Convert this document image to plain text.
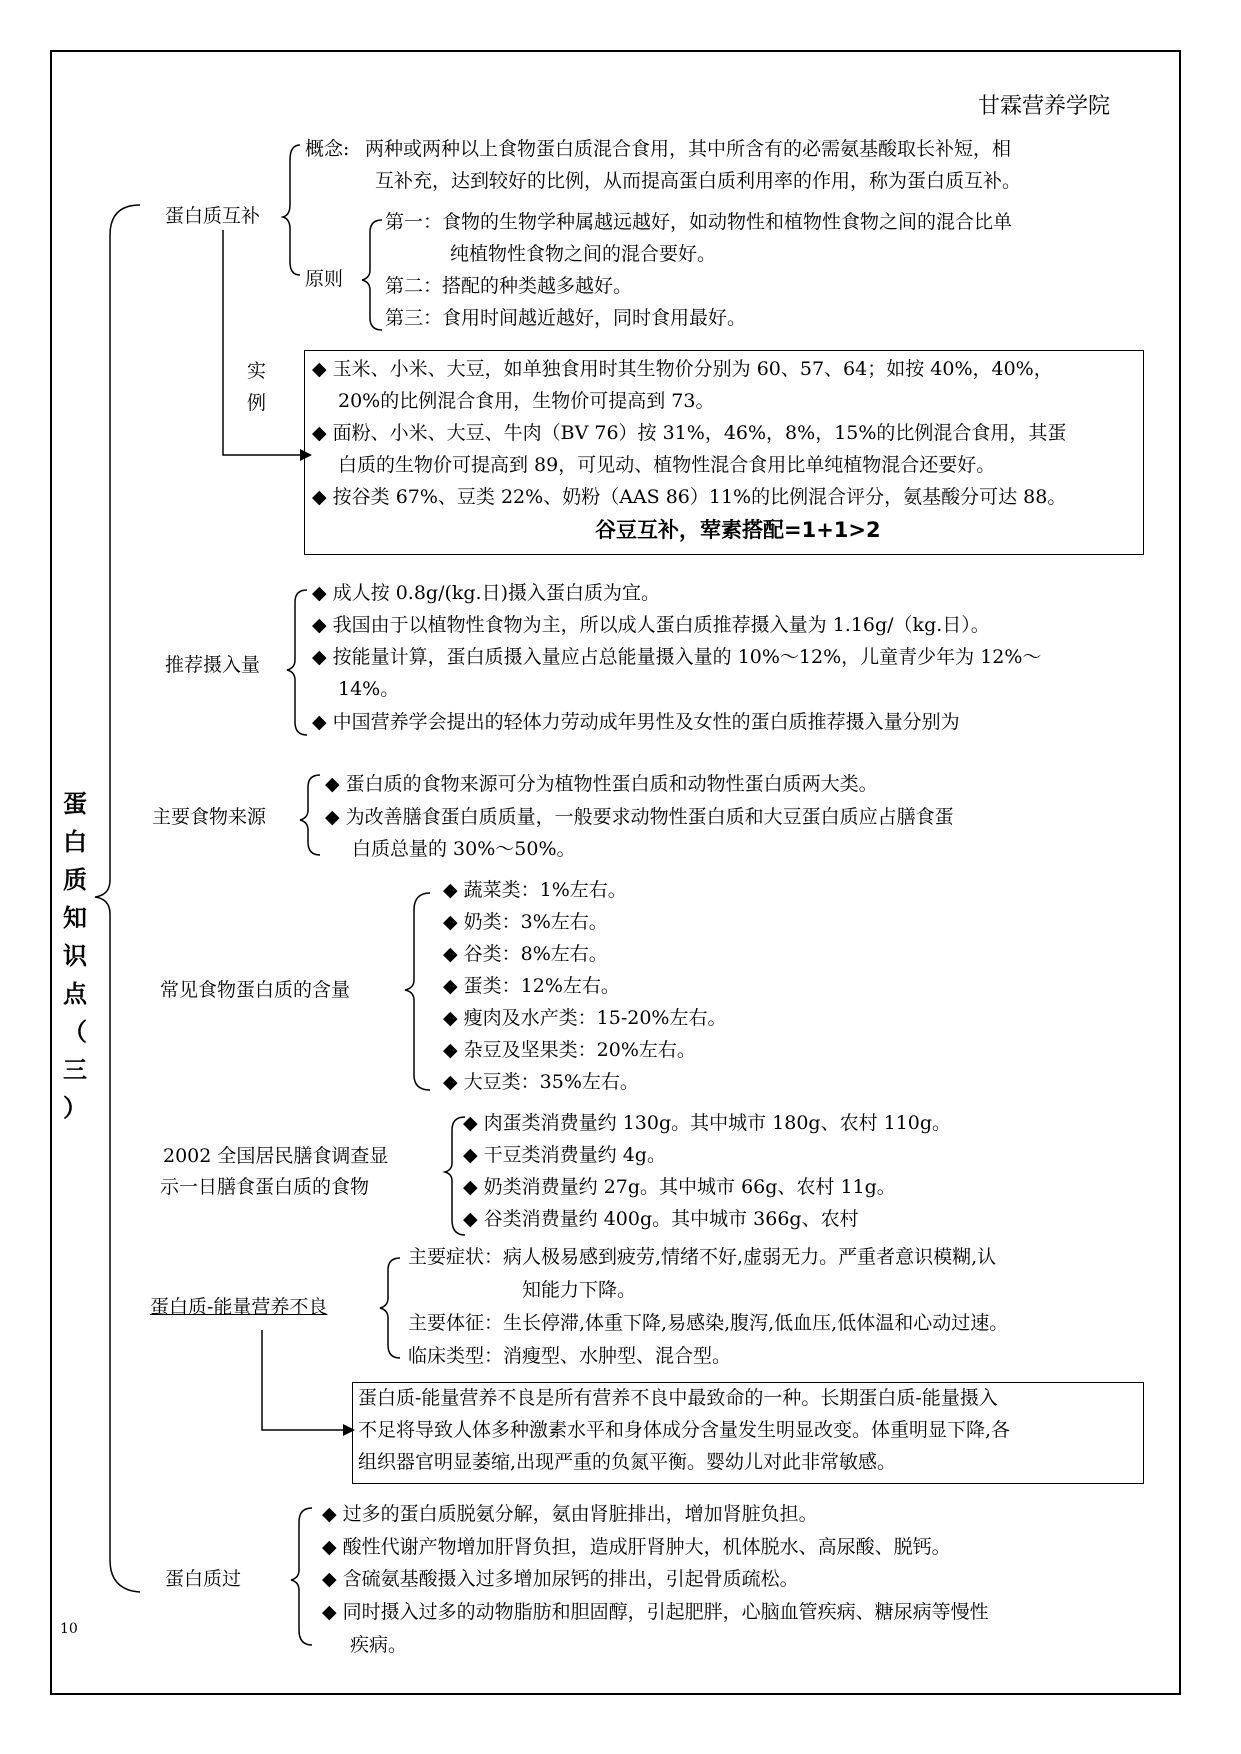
甘霖营养学院
蛋
白
质
知
识
点
（
三
）
10
蛋白质互补
概念: 两种或两种以上食物蛋白质混合食用，其中所含有的必需氨基酸取长补短，相
互补充，达到较好的比例，从而提高蛋白质利用率的作用，称为蛋白质互补。
原则
第一：食物的生物学种属越远越好，如动物性和植物性食物之间的混合比单
纯植物性食物之间的混合要好。
第二：搭配的种类越多越好。
第三：食用时间越近越好，同时食用最好。
实
例
◆ 玉米、小米、大豆，如单独食用时其生物价分别为 60、57、64；如按 40%，40%，
20%的比例混合食用，生物价可提高到 73。
◆ 面粉、小米、大豆、牛肉（BV 76）按 31%，46%，8%，15%的比例混合食用，其蛋
白质的生物价可提高到 89，可见动、植物性混合食用比单纯植物混合还要好。
◆ 按谷类 67%、豆类 22%、奶粉（AAS 86）11%的比例混合评分，氨基酸分可达 88。
谷豆互补，荤素搭配=1+1>2
推荐摄入量
◆ 成人按 0.8g/(kg.日)摄入蛋白质为宜。
◆ 我国由于以植物性食物为主，所以成人蛋白质推荐摄入量为 1.16g/（kg.日）。
◆ 按能量计算，蛋白质摄入量应占总能量摄入量的 10%～12%，儿童青少年为 12%～
14%。
◆ 中国营养学会提出的轻体力劳动成年男性及女性的蛋白质推荐摄入量分别为
主要食物来源
◆ 蛋白质的食物来源可分为植物性蛋白质和动物性蛋白质两大类。
◆ 为改善膳食蛋白质质量，一般要求动物性蛋白质和大豆蛋白质应占膳食蛋
白质总量的 30%～50%。
常见食物蛋白质的含量
◆ 蔬菜类：1%左右。
◆ 奶类：3%左右。
◆ 谷类：8%左右。
◆ 蛋类：12%左右。
◆ 瘦肉及水产类：15-20%左右。
◆ 杂豆及坚果类：20%左右。
◆ 大豆类：35%左右。
2002 全国居民膳食调查显
示一日膳食蛋白质的食物
◆ 肉蛋类消费量约 130g。其中城市 180g、农村 110g。
◆ 干豆类消费量约 4g。
◆ 奶类消费量约 27g。其中城市 66g、农村 11g。
◆ 谷类消费量约 400g。其中城市 366g、农村
蛋白质-能量营养不良
主要症状：病人极易感到疲劳,情绪不好,虚弱无力。严重者意识模糊,认
知能力下降。
主要体征：生长停滞,体重下降,易感染,腹泻,低血压,低体温和心动过速。
临床类型：消瘦型、水肿型、混合型。
蛋白质-能量营养不良是所有营养不良中最致命的一种。长期蛋白质-能量摄入
不足将导致人体多种激素水平和身体成分含量发生明显改变。体重明显下降,各
组织器官明显萎缩,出现严重的负氮平衡。婴幼儿对此非常敏感。
蛋白质过
◆ 过多的蛋白质脱氨分解，氨由肾脏排出，增加肾脏负担。
◆ 酸性代谢产物增加肝肾负担，造成肝肾肿大，机体脱水、高尿酸、脱钙。
◆ 含硫氨基酸摄入过多增加尿钙的排出，引起骨质疏松。
◆ 同时摄入过多的动物脂肪和胆固醇，引起肥胖，心脑血管疾病、糖尿病等慢性
疾病。
